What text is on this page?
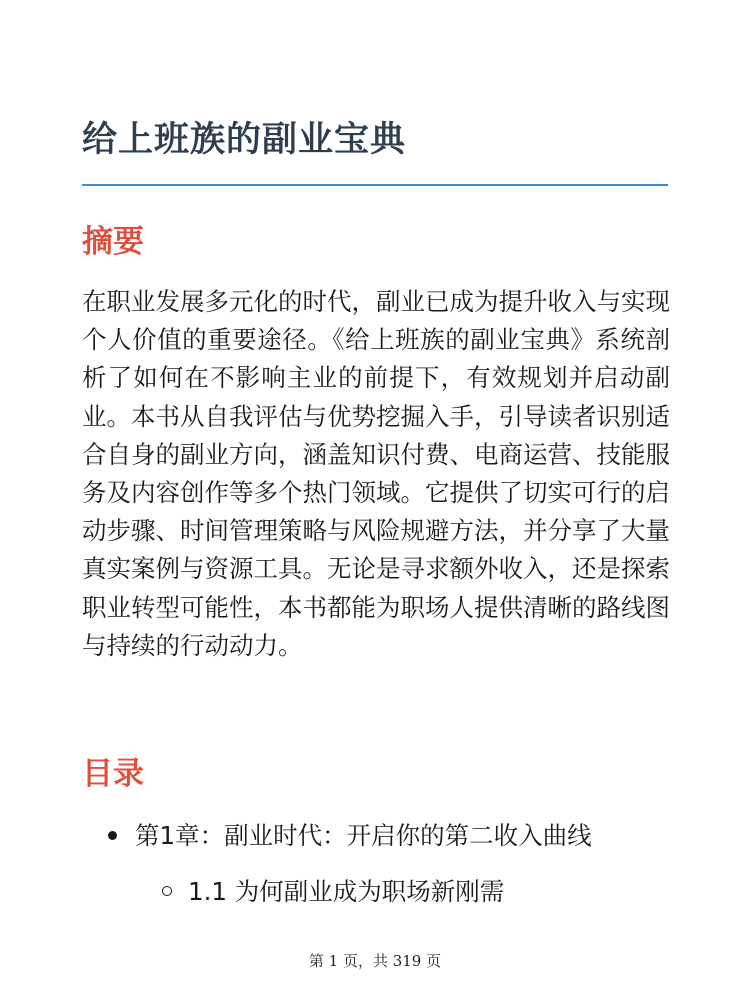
给上班族的副业宝典
摘要

在职业发展多元化的时代，副业已成为提升收入与实现个人价值的重要途径。《给上班族的副业宝典》系统剖析了如何在不影响主业的前提下，有效规划并启动副业。本书从自我评估与优势挖掘入手，引导读者识别适合自身的副业方向，涵盖知识付费、电商运营、技能服务及内容创作等多个热门领域。它提供了切实可行的启动步骤、时间管理策略与风险规避方法，并分享了大量真实案例与资源工具。无论是寻求额外收入，还是探索职业转型可能性，本书都能为职场人提供清晰的路线图与持续的行动动力。

目录
第1章：副业时代：开启你的第二收入曲线
1.1 为何副业成为职场新刚需
第 1 页，共 319 页
